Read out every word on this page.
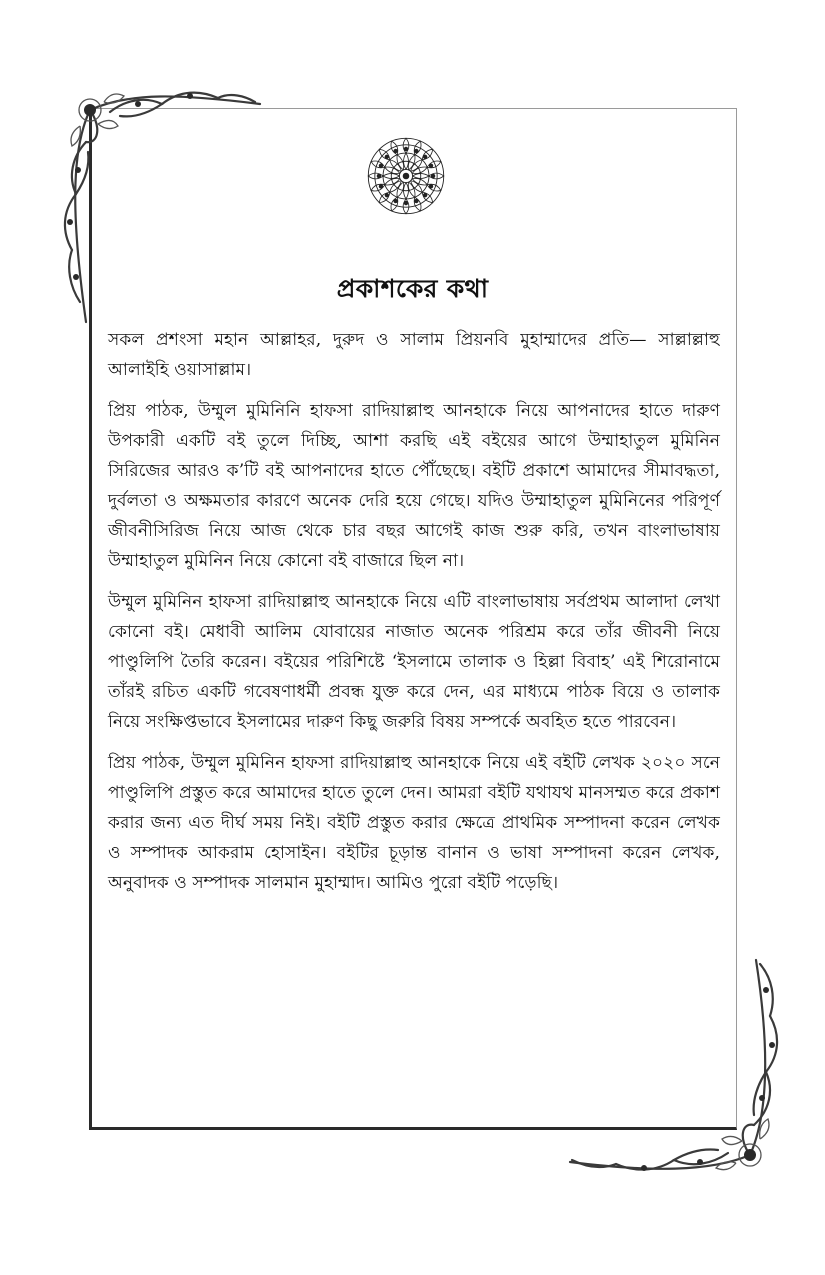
প্রকাশকের কথা

সকল প্রশংসা মহান আল্লাহর, দুরুদ ও সালাম প্রিয়নবি মুহাম্মাদের প্রতি— সাল্লাল্লাহু আলাইহি ওয়াসাল্লাম।

প্রিয় পাঠক, উম্মুল মুমিনিনি হাফসা রাদিয়াল্লাহু আনহাকে নিয়ে আপনাদের হাতে দারুণ উপকারী একটি বই তুলে দিচ্ছি, আশা করছি এই বইয়ের আগে উম্মাহাতুল মুমিনিন সিরিজের আরও ক’টি বই আপনাদের হাতে পৌঁছেছে। বইটি প্রকাশে আমাদের সীমাবদ্ধতা, দুর্বলতা ও অক্ষমতার কারণে অনেক দেরি হয়ে গেছে। যদিও উম্মাহাতুল মুমিনিনের পরিপূর্ণ জীবনীসিরিজ নিয়ে আজ থেকে চার বছর আগেই কাজ শুরু করি, তখন বাংলাভাষায় উম্মাহাতুল মুমিনিন নিয়ে কোনো বই বাজারে ছিল না।

উম্মুল মুমিনিন হাফসা রাদিয়াল্লাহু আনহাকে নিয়ে এটি বাংলাভাষায় সর্বপ্রথম আলাদা লেখা কোনো বই। মেধাবী আলিম যোবায়ের নাজাত অনেক পরিশ্রম করে তাঁর জীবনী নিয়ে পাণ্ডুলিপি তৈরি করেন। বইয়ের পরিশিষ্টে ‘ইসলামে তালাক ও হিল্লা বিবাহ’ এই শিরোনামে তাঁরই রচিত একটি গবেষণাধর্মী প্রবন্ধ যুক্ত করে দেন, এর মাধ্যমে পাঠক বিয়ে ও তালাক নিয়ে সংক্ষিপ্তভাবে ইসলামের দারুণ কিছু জরুরি বিষয় সম্পর্কে অবহিত হতে পারবেন।

প্রিয় পাঠক, উম্মুল মুমিনিন হাফসা রাদিয়াল্লাহু আনহাকে নিয়ে এই বইটি লেখক ২০২০ সনে পাণ্ডুলিপি প্রস্তুত করে আমাদের হাতে তুলে দেন। আমরা বইটি যথাযথ মানসম্মত করে প্রকাশ করার জন্য এত দীর্ঘ সময় নিই। বইটি প্রস্তুত করার ক্ষেত্রে প্রাথমিক সম্পাদনা করেন লেখক ও সম্পাদক আকরাম হোসাইন। বইটির চূড়ান্ত বানান ও ভাষা সম্পাদনা করেন লেখক, অনুবাদক ও সম্পাদক সালমান মুহাম্মাদ। আমিও পুরো বইটি পড়েছি।
